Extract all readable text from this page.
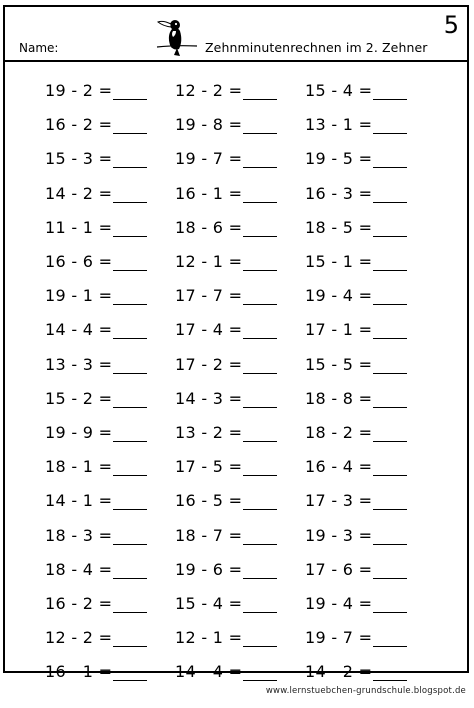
Name:	Zehnminutenrechnen im 2. Zehner
5
19 - 2 =	12 - 2 =	15 - 4 =
16 - 2 =	19 - 8 =	13 - 1 =
15 - 3 =	19 - 7 =	19 - 5 =
14 - 2 =	16 - 1 =	16 - 3 =
11 - 1 =	18 - 6 =	18 - 5 =
16 - 6 =	12 - 1 =	15 - 1 =
19 - 1 =	17 - 7 =	19 - 4 =
14 - 4 =	17 - 4 =	17 - 1 =
13 - 3 =	17 - 2 =	15 - 5 =
15 - 2 =	14 - 3 =	18 - 8 =
19 - 9 =	13 - 2 =	18 - 2 =
18 - 1 =	17 - 5 =	16 - 4 =
14 - 1 =	16 - 5 =	17 - 3 =
18 - 3 =	18 - 7 =	19 - 3 =
18 - 4 =	19 - 6 =	17 - 6 =
16 - 2 =	15 - 4 =	19 - 4 =
12 - 2 =	12 - 1 =	19 - 7 =
16 - 1 =	14 - 4 =	14 - 2 =
www.lernstuebchen-grundschule.blogspot.de
